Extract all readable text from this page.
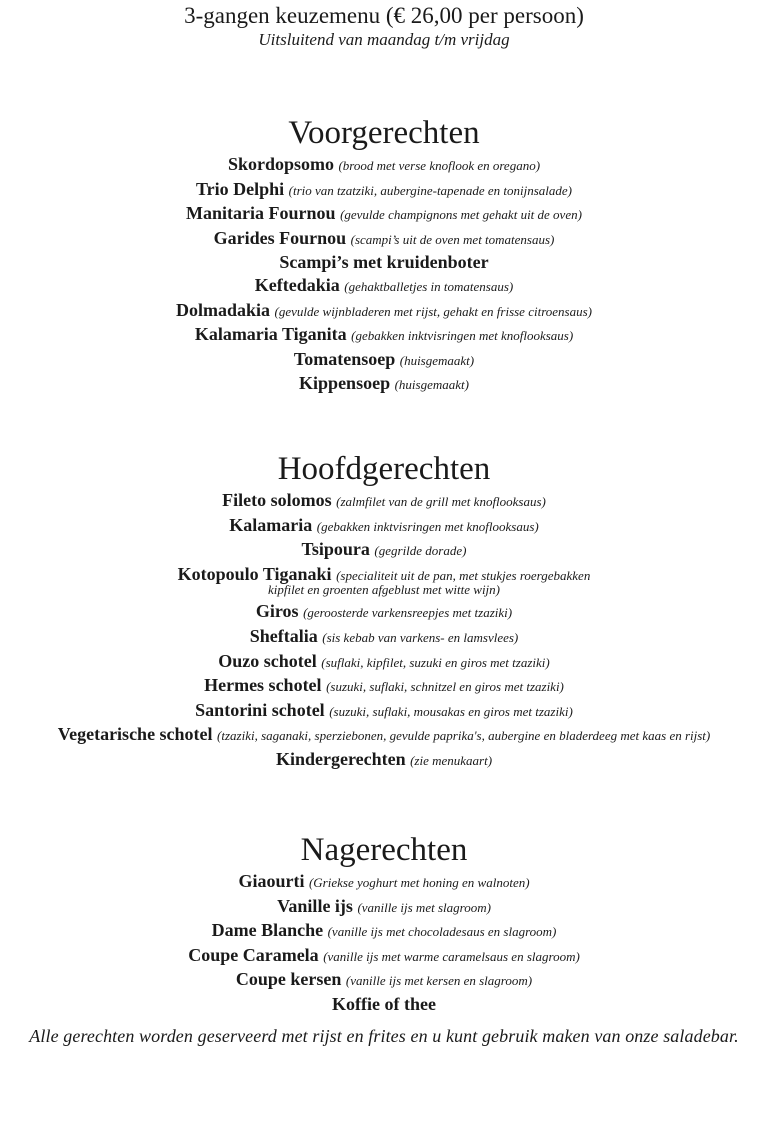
3-gangen keuzemenu (€ 26,00 per persoon)
Uitsluitend van maandag t/m vrijdag
Voorgerechten
Skordopsomo (brood met verse knoflook en oregano)
Trio Delphi (trio van tzatziki, aubergine-tapenade en tonijnsalade)
Manitaria Fournou (gevulde champignons met gehakt uit de oven)
Garides Fournou (scampi’s uit de oven met tomatensaus)
Scampi’s met kruidenboter
Keftedakia (gehaktballetjes in tomatensaus)
Dolmadakia (gevulde wijnbladeren met rijst, gehakt en frisse citroensaus)
Kalamaria Tiganita (gebakken inktvisringen met knoflooksaus)
Tomatensoep (huisgemaakt)
Kippensoep (huisgemaakt)
Hoofdgerechten
Fileto solomos (zalmfilet van de grill met knoflooksaus)
Kalamaria (gebakken inktvisringen met knoflooksaus)
Tsipoura (gegrilde dorade)
Kotopoulo Tiganaki (specialiteit uit de pan, met stukjes roergebakken
kipfilet en groenten afgeblust met witte wijn)
Giros (geroosterde varkensreepjes met tzaziki)
Sheftalia (sis kebab van varkens- en lamsvlees)
Ouzo schotel (suflaki, kipfilet, suzuki en giros met tzaziki)
Hermes schotel (suzuki, suflaki, schnitzel en giros met tzaziki)
Santorini schotel (suzuki, suflaki, mousakas en giros met tzaziki)
Vegetarische schotel (tzaziki, saganaki, sperziebonen, gevulde paprika's, aubergine en bladerdeeg met kaas en rijst)
Kindergerechten (zie menukaart)
Nagerechten
Giaourti (Griekse yoghurt met honing en walnoten)
Vanille ijs (vanille ijs met slagroom)
Dame Blanche (vanille ijs met chocoladesaus en slagroom)
Coupe Caramela (vanille ijs met warme caramelsaus en slagroom)
Coupe kersen (vanille ijs met kersen en slagroom)
Koffie of thee
Alle gerechten worden geserveerd met rijst en frites en u kunt gebruik maken van onze saladebar.
